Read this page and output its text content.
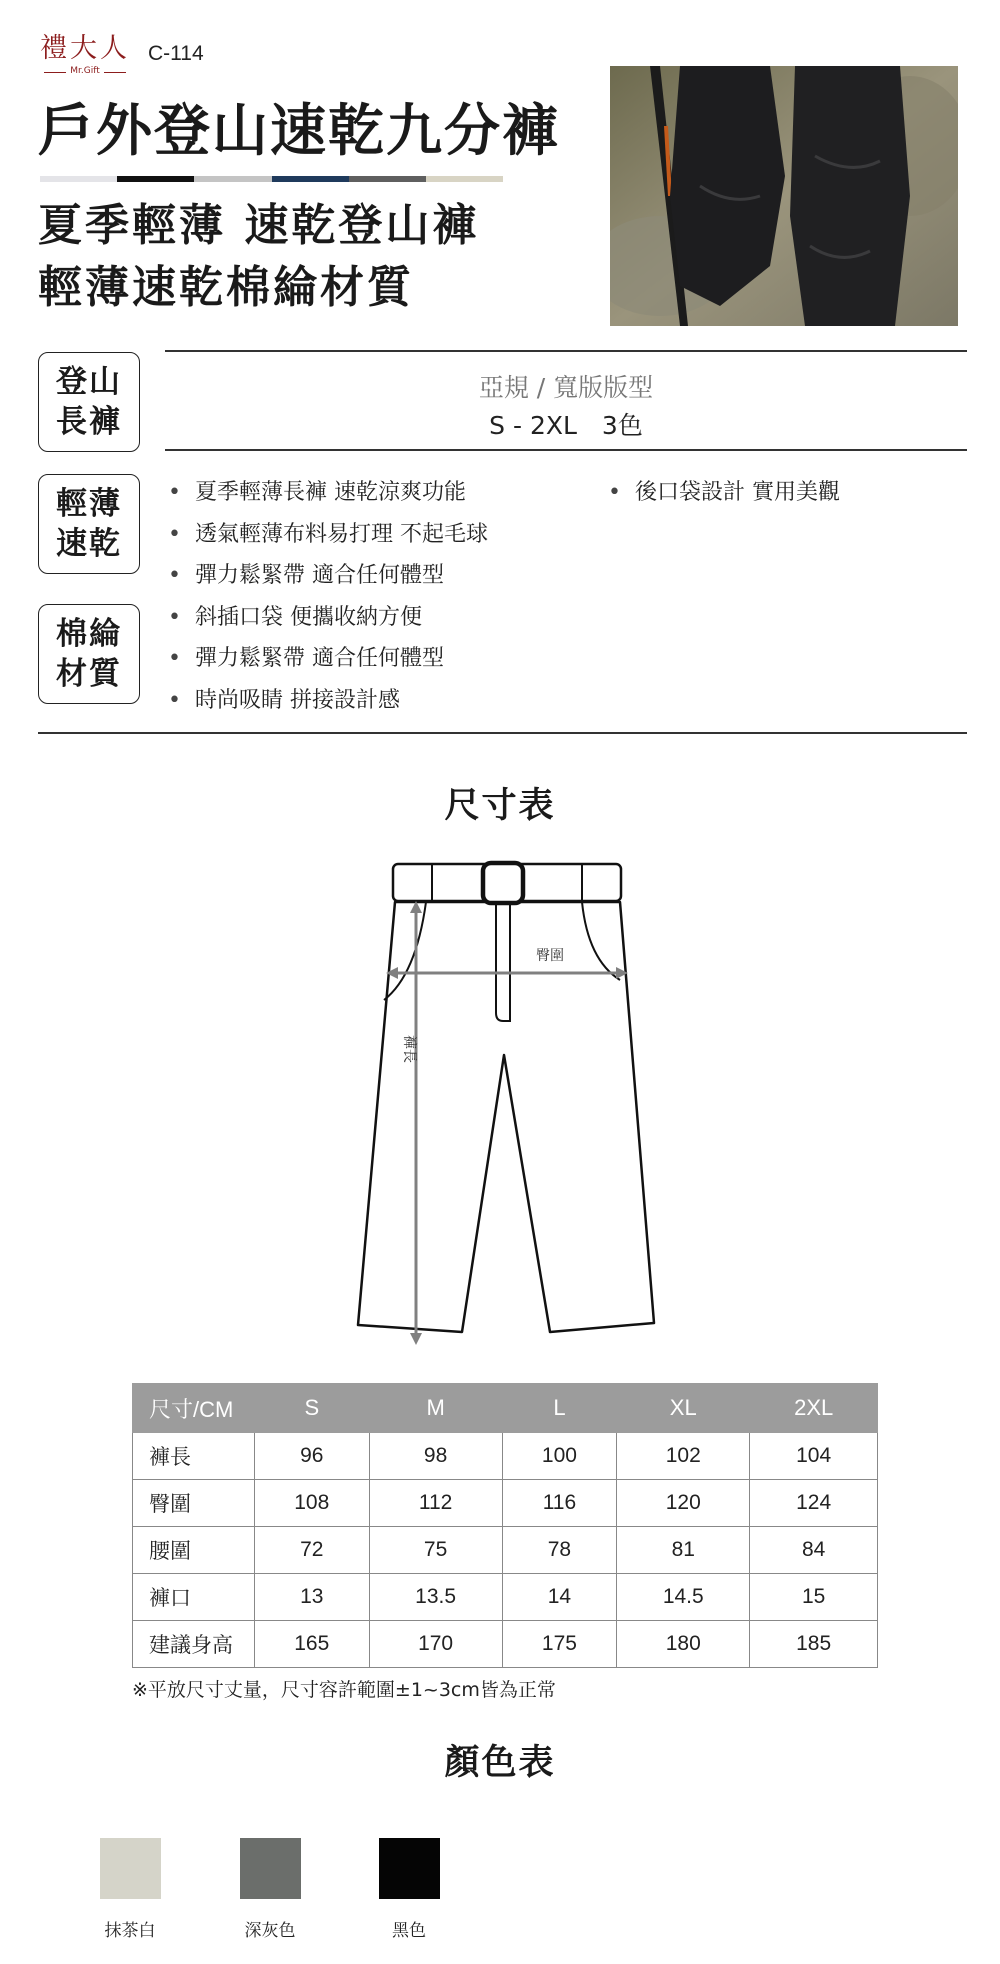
禮大人
Mr.Gift
C-114
戶外登山速乾九分褲
夏季輕薄 速乾登山褲
輕薄速乾棉綸材質
登山
長褲
亞規 / 寬版版型
S - 2XL　3色
輕薄
速乾
棉綸
材質
• 夏季輕薄長褲 速乾涼爽功能
• 透氣輕薄布料易打理 不起毛球
• 彈力鬆緊帶 適合任何體型
• 斜插口袋 便攜收納方便
• 彈力鬆緊帶 適合任何體型
• 時尚吸睛 拼接設計感
• 後口袋設計 實用美觀
尺寸表
臀圍
褲長
尺寸/CM	S	M	L	XL	2XL
褲長	96	98	100	102	104
臀圍	108	112	116	120	124
腰圍	72	75	78	81	84
褲口	13	13.5	14	14.5	15
建議身高	165	170	175	180	185
※平放尺寸丈量，尺寸容許範圍±1~3cm皆為正常
顏色表
抹茶白	深灰色	黑色
